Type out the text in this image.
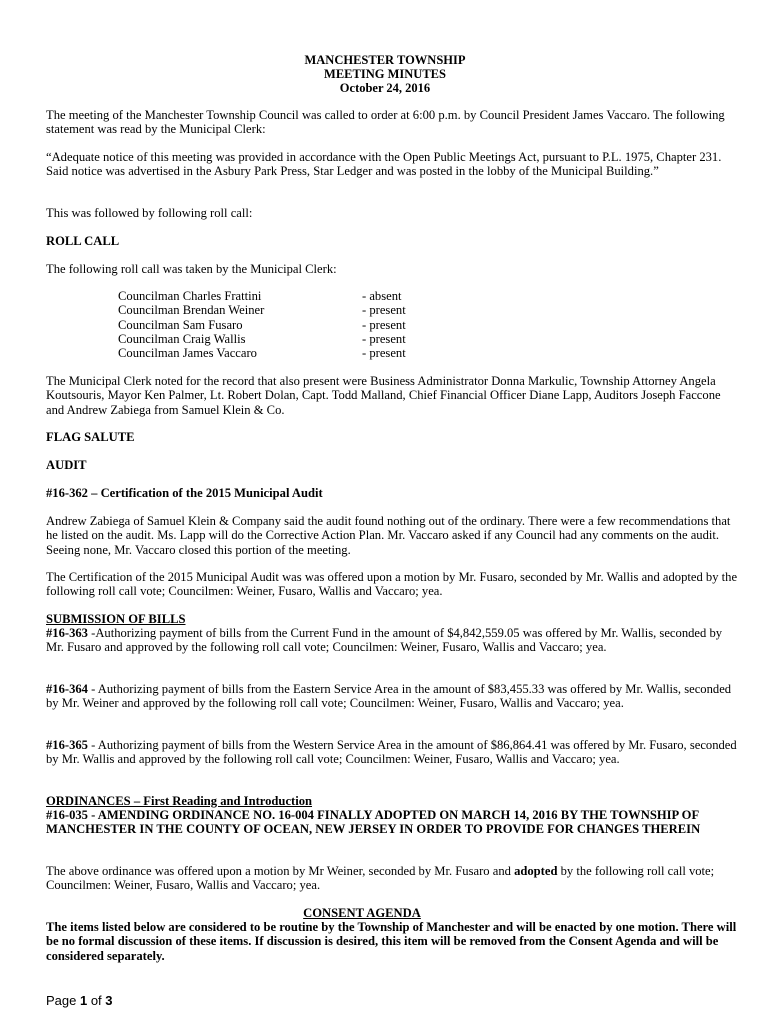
MANCHESTER TOWNSHIP
MEETING MINUTES
October 24, 2016
The meeting of the Manchester Township Council was called to order at 6:00 p.m. by Council President James Vaccaro. The following statement was read by the Municipal Clerk:
“Adequate notice of this meeting was provided in accordance with the Open Public Meetings Act, pursuant to P.L. 1975, Chapter 231. Said notice was advertised in the Asbury Park Press, Star Ledger and was posted in the lobby of the Municipal Building.”
This was followed by following roll call:
ROLL CALL
The following roll call was taken by the Municipal Clerk:
Councilman Charles Frattini	- absent
Councilman Brendan Weiner	- present
Councilman Sam Fusaro	- present
Councilman Craig Wallis	- present
Councilman James Vaccaro	- present
The Municipal Clerk noted for the record that also present were Business Administrator Donna Markulic, Township Attorney Angela Koutsouris, Mayor Ken Palmer, Lt. Robert Dolan, Capt. Todd Malland, Chief Financial Officer Diane Lapp, Auditors Joseph Faccone and Andrew Zabiega from Samuel Klein & Co.
FLAG SALUTE
AUDIT
#16-362 – Certification of the 2015 Municipal Audit
Andrew Zabiega of Samuel Klein & Company said the audit found nothing out of the ordinary. There were a few recommendations that he listed on the audit. Ms. Lapp will do the Corrective Action Plan. Mr. Vaccaro asked if any Council had any comments on the audit. Seeing none, Mr. Vaccaro closed this portion of the meeting.
The Certification of the 2015 Municipal Audit was was offered upon a motion by Mr. Fusaro, seconded by Mr. Wallis and adopted by the following roll call vote; Councilmen: Weiner, Fusaro, Wallis and Vaccaro; yea.
SUBMISSION OF BILLS
#16-363 -Authorizing payment of bills from the Current Fund in the amount of $4,842,559.05 was offered by Mr. Wallis, seconded by Mr. Fusaro and approved by the following roll call vote; Councilmen: Weiner, Fusaro, Wallis and Vaccaro; yea.
#16-364 - Authorizing payment of bills from the Eastern Service Area in the amount of $83,455.33 was offered by Mr. Wallis, seconded by Mr. Weiner and approved by the following roll call vote; Councilmen: Weiner, Fusaro, Wallis and Vaccaro; yea.
#16-365 - Authorizing payment of bills from the Western Service Area in the amount of $86,864.41 was offered by Mr. Fusaro, seconded by Mr. Wallis and approved by the following roll call vote; Councilmen: Weiner, Fusaro, Wallis and Vaccaro; yea.
ORDINANCES – First Reading and Introduction
#16-035 - AMENDING ORDINANCE NO. 16-004 FINALLY ADOPTED ON MARCH 14, 2016 BY THE TOWNSHIP OF MANCHESTER IN THE COUNTY OF OCEAN, NEW JERSEY IN ORDER TO PROVIDE FOR CHANGES THEREIN
The above ordinance was offered upon a motion by Mr Weiner, seconded by Mr. Fusaro and adopted by the following roll call vote; Councilmen: Weiner, Fusaro, Wallis and Vaccaro; yea.
CONSENT AGENDA
The items listed below are considered to be routine by the Township of Manchester and will be enacted by one motion. There will be no formal discussion of these items. If discussion is desired, this item will be removed from the Consent Agenda and will be considered separately.
Page 1 of 3
